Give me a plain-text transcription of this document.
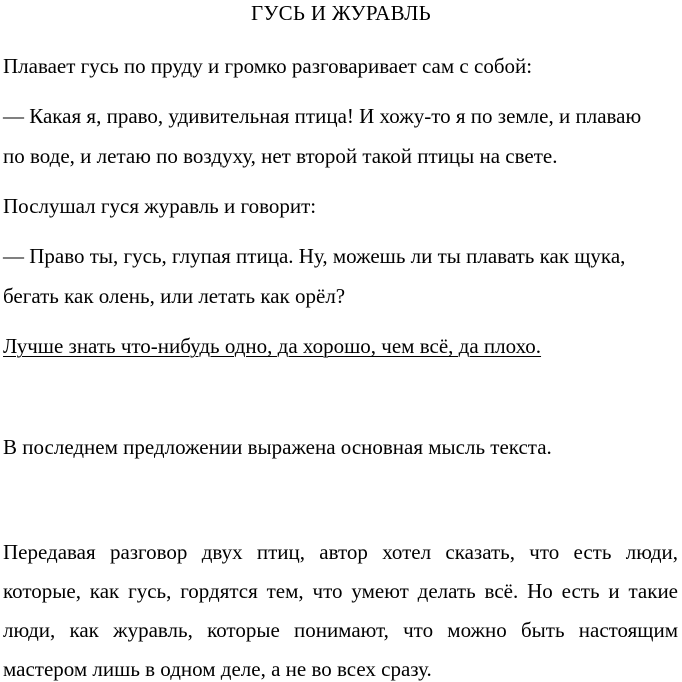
ГУСЬ И ЖУРАВЛЬ
Плавает гусь по пруду и громко разговаривает сам с собой:
— Какая я, право, удивительная птица! И хожу-то я по земле, и плаваю
по воде, и летаю по воздуху, нет второй такой птицы на свете.
Послушал гуся журавль и говорит:
— Право ты, гусь, глупая птица. Ну, можешь ли ты плавать как щука,
бегать как олень, или летать как орёл?
Лучше знать что-нибудь одно, да хорошо, чем всё, да плохо.
В последнем предложении выражена основная мысль текста.
Передавая разговор двух птиц, автор хотел сказать, что есть люди,
которые, как гусь, гордятся тем, что умеют делать всё. Но есть и такие
люди, как журавль, которые понимают, что можно быть настоящим
мастером лишь в одном деле, а не во всех сразу.
